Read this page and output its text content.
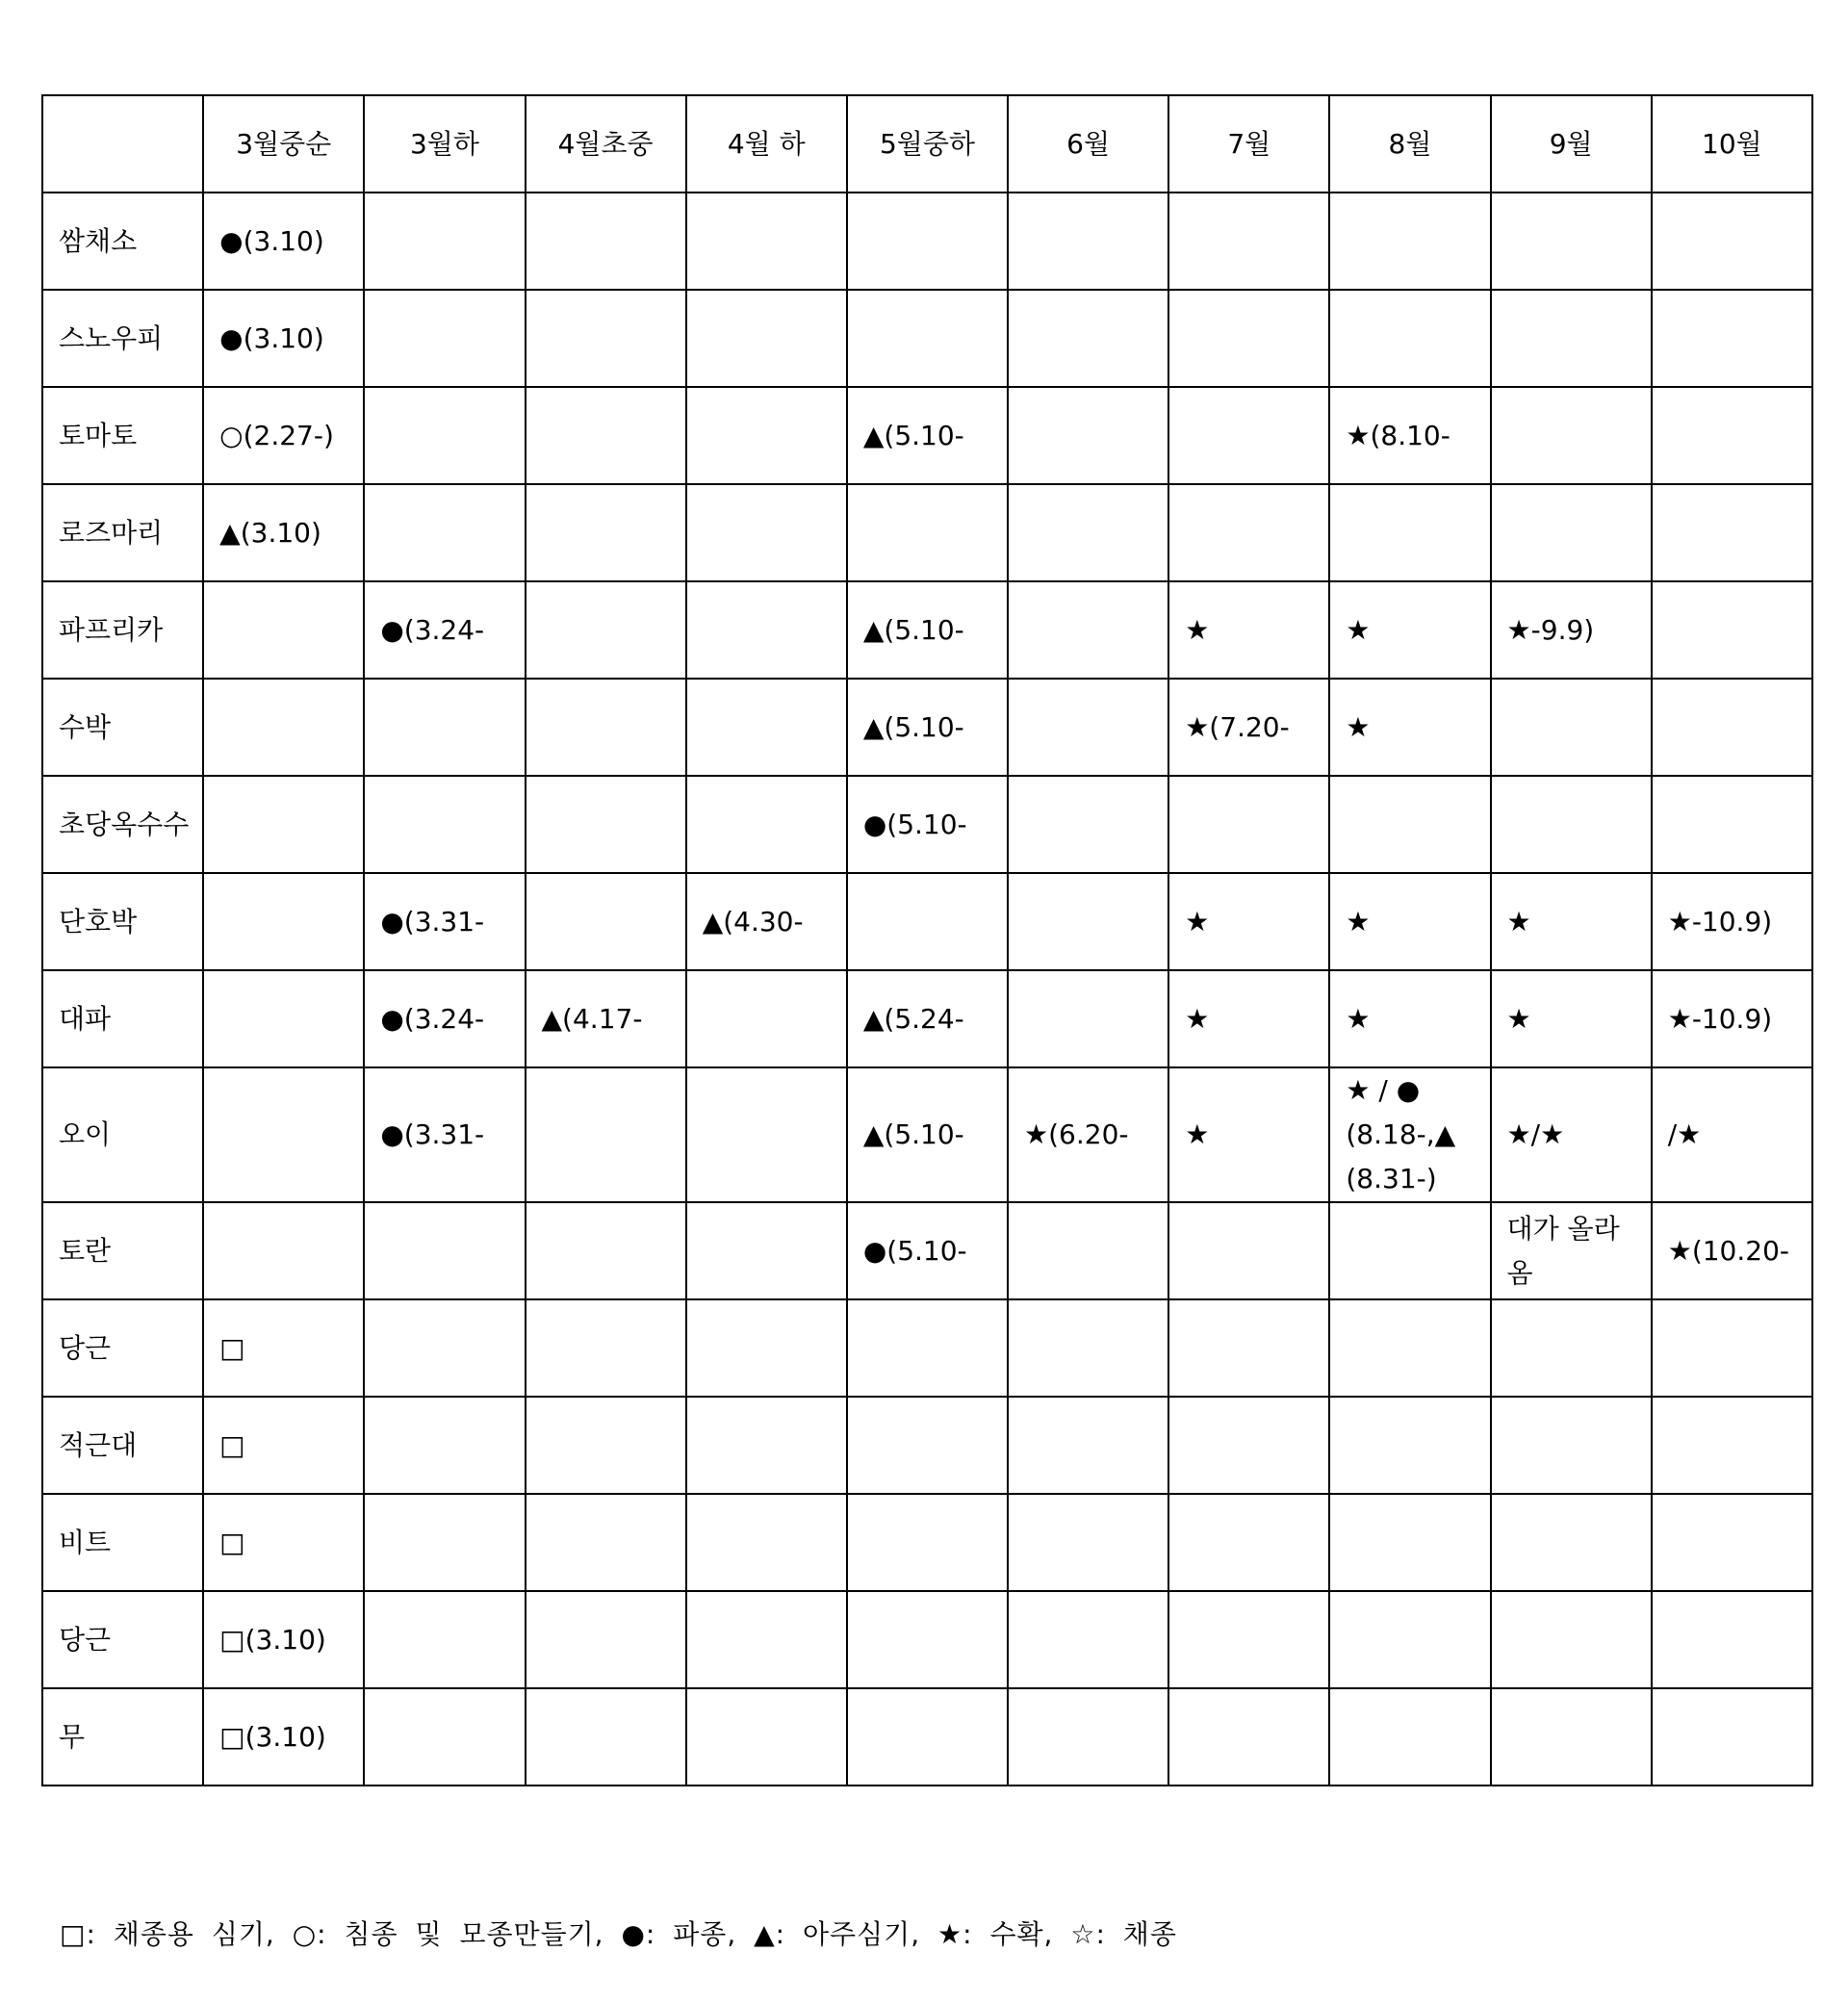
	3월중순	3월하	4월초중	4월 하	5월중하	6월	7월	8월	9월	10월
쌈채소	●(3.10)									
스노우피	●(3.10)									
토마토	○(2.27-)				▲(5.10-			★(8.10-		
로즈마리	▲(3.10)									
파프리카		●(3.24-			▲(5.10-		★	★	★-9.9)	
수박					▲(5.10-		★(7.20-	★		
초당옥수수					●(5.10-					
단호박		●(3.31-		▲(4.30-			★	★	★	★-10.9)
대파		●(3.24-	▲(4.17-		▲(5.24-		★	★	★	★-10.9)
오이		●(3.31-			▲(5.10-	★(6.20-	★	★ / ● (8.18-,▲ (8.31-)	★/★	/★
토란					●(5.10-				대가 올라 옴	★(10.20-
당근	□									
적근대	□									
비트	□									
당근	□(3.10)									
무	□(3.10)									
□: 채종용 심기, ○: 침종 및 모종만들기, ●: 파종, ▲: 아주심기, ★: 수확, ☆: 채종
